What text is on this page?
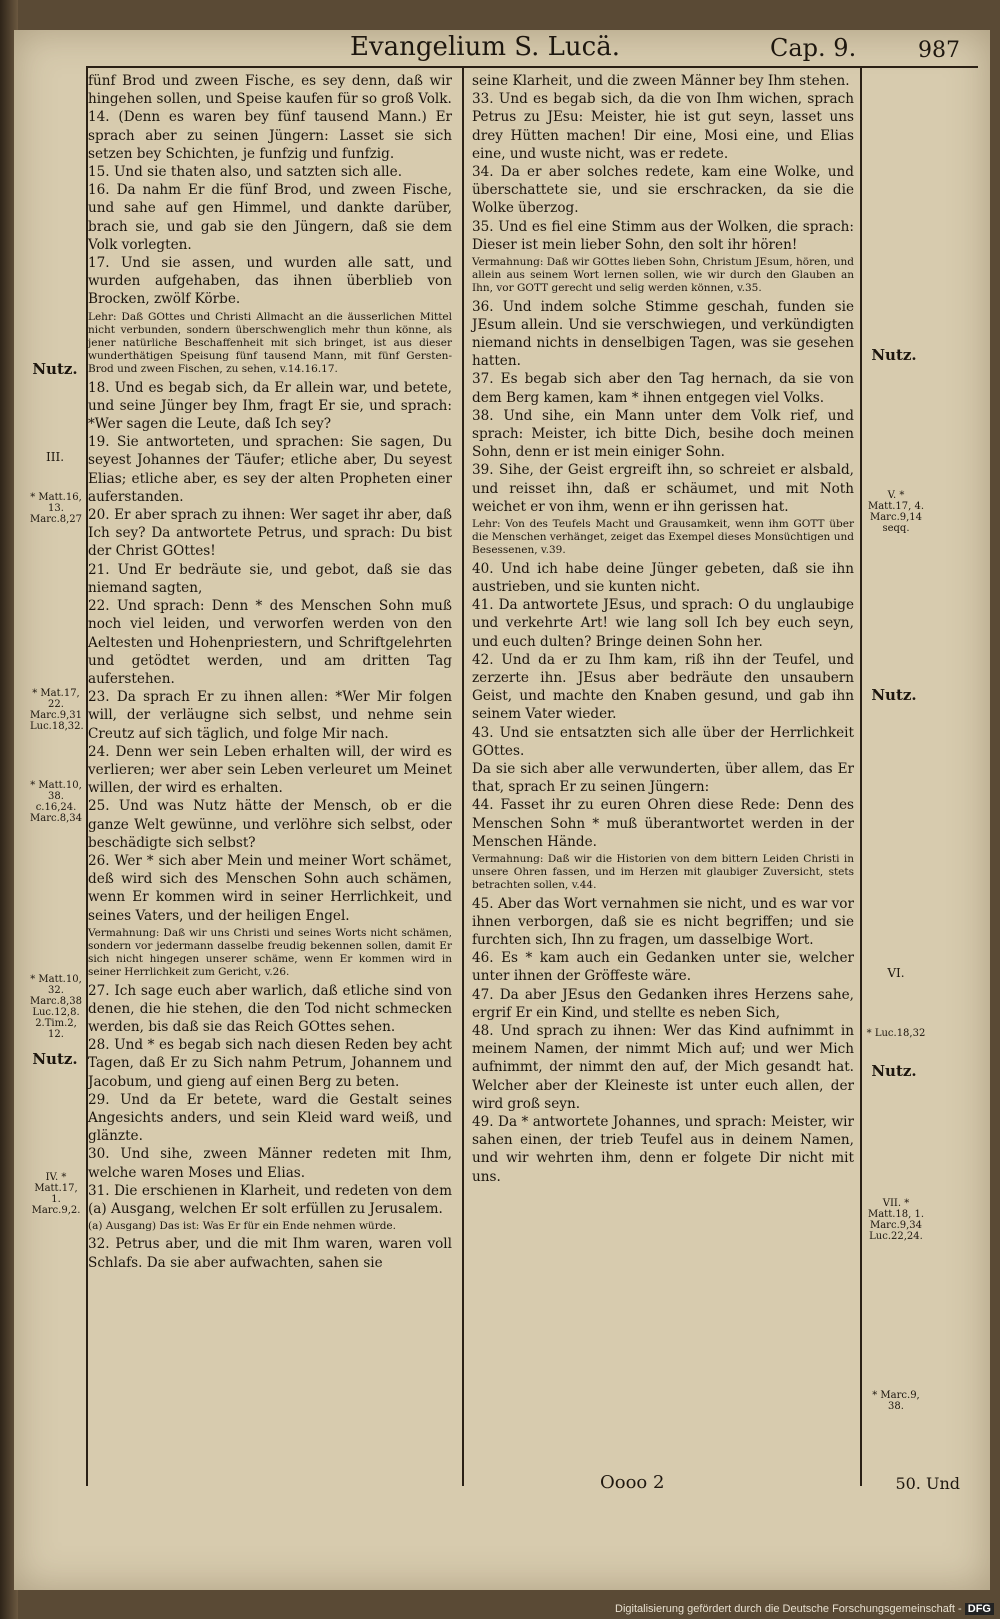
Evangelium S. Lucä.	Cap. 9.	987

fünf Brod und zween Fische, es sey denn, daß wir hingehen sollen, und Speise kaufen für so groß Volk.

14. (Denn es waren bey fünf tausend Mann.) Er sprach aber zu seinen Jüngern: Lasset sie sich setzen bey Schichten, je funfzig und funfzig.

15. Und sie thaten also, und satzten sich alle.

16. Da nahm Er die fünf Brod, und zween Fische, und sahe auf gen Himmel, und dankte darüber, brach sie, und gab sie den Jüngern, daß sie dem Volk vorlegten.

17. Und sie assen, und wurden alle satt, und wurden aufgehaben, das ihnen überblieb von Brocken, zwölf Körbe.

Lehr: Daß GOttes und Christi Allmacht an die äusserlichen Mittel nicht verbunden, sondern überschwenglich mehr thun könne, als jener natürliche Beschaffenheit mit sich bringet, ist aus dieser wunderthätigen Speisung fünf tausend Mann, mit fünf Gersten-Brod und zween Fischen, zu sehen, v.14.16.17.

18. Und es begab sich, da Er allein war, und betete, und seine Jünger bey Ihm, fragt Er sie, und sprach: *Wer sagen die Leute, daß Ich sey?

19. Sie antworteten, und sprachen: Sie sagen, Du seyest Johannes der Täufer; etliche aber, Du seyest Elias; etliche aber, es sey der alten Propheten einer auferstanden.

20. Er aber sprach zu ihnen: Wer saget ihr aber, daß Ich sey? Da antwortete Petrus, und sprach: Du bist der Christ GOttes!

21. Und Er bedräute sie, und gebot, daß sie das niemand sagten,

22. Und sprach: Denn * des Menschen Sohn muß noch viel leiden, und verworfen werden von den Aeltesten und Hohenpriestern, und Schriftgelehrten und getödtet werden, und am dritten Tag auferstehen.

23. Da sprach Er zu ihnen allen: *Wer Mir folgen will, der verläugne sich selbst, und nehme sein Creutz auf sich täglich, und folge Mir nach.

24. Denn wer sein Leben erhalten will, der wird es verlieren; wer aber sein Leben verleuret um Meinet willen, der wird es erhalten.

25. Und was Nutz hätte der Mensch, ob er die ganze Welt gewünne, und verlöhre sich selbst, oder beschädigte sich selbst?

26. Wer * sich aber Mein und meiner Wort schämet, deß wird sich des Menschen Sohn auch schämen, wenn Er kommen wird in seiner Herrlichkeit, und seines Vaters, und der heiligen Engel.

Vermahnung: Daß wir uns Christi und seines Worts nicht schämen, sondern vor jedermann dasselbe freudig bekennen sollen, damit Er sich nicht hingegen unserer schäme, wenn Er kommen wird in seiner Herrlichkeit zum Gericht, v.26.

27. Ich sage euch aber warlich, daß etliche sind von denen, die hie stehen, die den Tod nicht schmecken werden, bis daß sie das Reich GOttes sehen.

28. Und * es begab sich nach diesen Reden bey acht Tagen, daß Er zu Sich nahm Petrum, Johannem und Jacobum, und gieng auf einen Berg zu beten.

29. Und da Er betete, ward die Gestalt seines Angesichts anders, und sein Kleid ward weiß, und glänzte.

30. Und sihe, zween Männer redeten mit Ihm, welche waren Moses und Elias.

31. Die erschienen in Klarheit, und redeten von dem (a) Ausgang, welchen Er solt erfüllen zu Jerusalem.

(a) Ausgang) Das ist: Was Er für ein Ende nehmen würde.

32. Petrus aber, und die mit Ihm waren, waren voll Schlafs. Da sie aber aufwachten, sahen sie

seine Klarheit, und die zween Männer bey Ihm stehen.

33. Und es begab sich, da die von Ihm wichen, sprach Petrus zu JEsu: Meister, hie ist gut seyn, lasset uns drey Hütten machen! Dir eine, Mosi eine, und Elias eine, und wuste nicht, was er redete.

34. Da er aber solches redete, kam eine Wolke, und überschattete sie, und sie erschracken, da sie die Wolke überzog.

35. Und es fiel eine Stimm aus der Wolken, die sprach: Dieser ist mein lieber Sohn, den solt ihr hören!

Vermahnung: Daß wir GOttes lieben Sohn, Christum JEsum, hören, und allein aus seinem Wort lernen sollen, wie wir durch den Glauben an Ihn, vor GOTT gerecht und selig werden können, v.35.

36. Und indem solche Stimme geschah, funden sie JEsum allein. Und sie verschwiegen, und verkündigten niemand nichts in denselbigen Tagen, was sie gesehen hatten.

37. Es begab sich aber den Tag hernach, da sie von dem Berg kamen, kam * ihnen entgegen viel Volks.

38. Und sihe, ein Mann unter dem Volk rief, und sprach: Meister, ich bitte Dich, besihe doch meinen Sohn, denn er ist mein einiger Sohn.

39. Sihe, der Geist ergreift ihn, so schreiet er alsbald, und reisset ihn, daß er schäumet, und mit Noth weichet er von ihm, wenn er ihn gerissen hat.

Lehr: Von des Teufels Macht und Grausamkeit, wenn ihm GOTT über die Menschen verhänget, zeiget das Exempel dieses Monsüchtigen und Besessenen, v.39.

40. Und ich habe deine Jünger gebeten, daß sie ihn austrieben, und sie kunten nicht.

41. Da antwortete JEsus, und sprach: O du unglaubige und verkehrte Art! wie lang soll Ich bey euch seyn, und euch dulten? Bringe deinen Sohn her.

42. Und da er zu Ihm kam, riß ihn der Teufel, und zerzerte ihn. JEsus aber bedräute den unsaubern Geist, und machte den Knaben gesund, und gab ihn seinem Vater wieder.

43. Und sie entsatzten sich alle über der Herrlichkeit GOttes.

Da sie sich aber alle verwunderten, über allem, das Er that, sprach Er zu seinen Jüngern:

44. Fasset ihr zu euren Ohren diese Rede: Denn des Menschen Sohn * muß überantwortet werden in der Menschen Hände.

Vermahnung: Daß wir die Historien von dem bittern Leiden Christi in unsere Ohren fassen, und im Herzen mit glaubiger Zuversicht, stets betrachten sollen, v.44.

45. Aber das Wort vernahmen sie nicht, und es war vor ihnen verborgen, daß sie es nicht begriffen; und sie furchten sich, Ihn zu fragen, um dasselbige Wort.

46. Es * kam auch ein Gedanken unter sie, welcher unter ihnen der Gröffeste wäre.

47. Da aber JEsus den Gedanken ihres Herzens sahe, ergrif Er ein Kind, und stellte es neben Sich,

48. Und sprach zu ihnen: Wer das Kind aufnimmt in meinem Namen, der nimmt Mich auf; und wer Mich aufnimmt, der nimmt den auf, der Mich gesandt hat. Welcher aber der Kleineste ist unter euch allen, der wird groß seyn.

49. Da * antwortete Johannes, und sprach: Meister, wir sahen einen, der trieb Teufel aus in deinem Namen, und wir wehrten ihm, denn er folgete Dir nicht mit uns.

Nutz.
III.
* Matt.16, 13. Marc.8,27
* Mat.17, 22. Marc.9,31 Luc.18,32.
* Matt.10, 38. c.16,24. Marc.8,34
* Matt.10, 32. Marc.8,38 Luc.12,8. 2.Tim.2, 12.
Nutz.
IV. * Matt.17, 1. Marc.9,2.
Nutz.
V. * Matt.17, 4. Marc.9,14 seqq.
Nutz.
VI.
* Luc.18,32
Nutz.
VII. * Matt.18, 1. Marc.9,34 Luc.22,24.
* Marc.9, 38.
Oooo 2	50. Und
Digitalisierung gefördert durch die Deutsche Forschungsgemeinschaft - DFG
